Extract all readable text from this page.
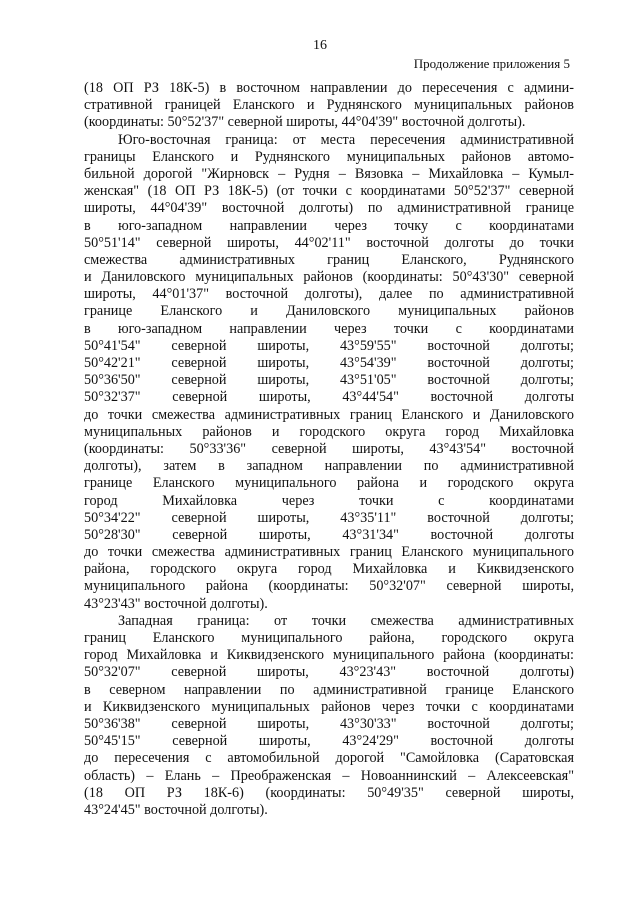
16
Продолжение приложения 5
(18 ОП РЗ 18К-5) в восточном направлении до пересечения с админи-
стративной границей Еланского и Руднянского муниципальных районов
(координаты: 50°52'37" северной широты, 44°04'39" восточной долготы).
Юго-восточная граница: от места пересечения административной
границы Еланского и Руднянского муниципальных районов автомо-
бильной дорогой "Жирновск – Рудня – Вязовка – Михайловка – Кумыл-
женская" (18 ОП РЗ 18К-5) (от точки с координатами 50°52'37" северной
широты, 44°04'39" восточной долготы) по административной границе
в юго-западном направлении через точку с координатами
50°51'14" северной широты, 44°02'11" восточной долготы до точки
смежества административных границ Еланского, Руднянского
и Даниловского муниципальных районов (координаты: 50°43'30" северной
широты, 44°01'37" восточной долготы), далее по административной
границе Еланского и Даниловского муниципальных районов
в юго-западном направлении через точки с координатами
50°41'54" северной широты, 43°59'55" восточной долготы;
50°42'21" северной широты, 43°54'39" восточной долготы;
50°36'50" северной широты, 43°51'05" восточной долготы;
50°32'37" северной широты, 43°44'54" восточной долготы
до точки смежества административных границ Еланского и Даниловского
муниципальных районов и городского округа город Михайловка
(координаты: 50°33'36" северной широты, 43°43'54" восточной
долготы), затем в западном направлении по административной
границе Еланского муниципального района и городского округа
город Михайловка через точки с координатами
50°34'22" северной широты, 43°35'11" восточной долготы;
50°28'30" северной широты, 43°31'34" восточной долготы
до точки смежества административных границ Еланского муниципального
района, городского округа город Михайловка и Киквидзенского
муниципального района (координаты: 50°32'07" северной широты,
43°23'43" восточной долготы).
Западная граница: от точки смежества административных
границ Еланского муниципального района, городского округа
город Михайловка и Киквидзенского муниципального района (координаты:
50°32'07" северной широты, 43°23'43" восточной долготы)
в северном направлении по административной границе Еланского
и Киквидзенского муниципальных районов через точки с координатами
50°36'38" северной широты, 43°30'33" восточной долготы;
50°45'15" северной широты, 43°24'29" восточной долготы
до пересечения с автомобильной дорогой "Самойловка (Саратовская
область) – Елань – Преображенская – Новоаннинский – Алексеевская"
(18 ОП РЗ 18К-6) (координаты: 50°49'35" северной широты,
43°24'45" восточной долготы).
